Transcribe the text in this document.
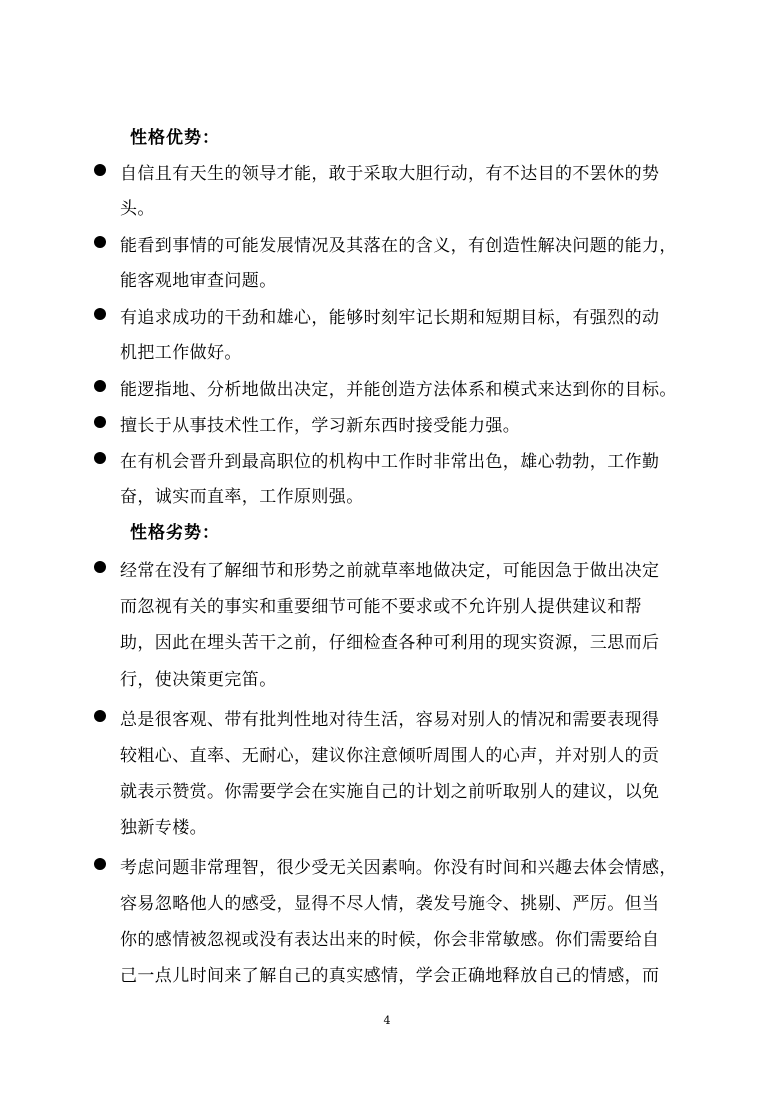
性格优势：
自信且有天生的领导才能，敢于采取大胆行动，有不达目的不罢休的势
头。
能看到事情的可能发展情况及其落在的含义，有创造性解决问题的能力，
能客观地审查问题。
有追求成功的干劲和雄心，能够时刻牢记长期和短期目标，有强烈的动
机把工作做好。
能逻指地、分析地做出决定，并能创造方法体系和模式来达到你的目标。
擅长于从事技术性工作，学习新东西时接受能力强。
在有机会晋升到最高职位的机构中工作时非常出色，雄心勃勃，工作勤
奋，诚实而直率，工作原则强。
性格劣势：
经常在没有了解细节和形势之前就草率地做决定，可能因急于做出决定
而忽视有关的事实和重要细节可能不要求或不允许别人提供建议和帮
助，因此在埋头苦干之前，仔细检查各种可利用的现实资源，三思而后
行，使决策更完笛。
总是很客观、带有批判性地对待生活，容易对别人的情况和需要表现得
较粗心、直率、无耐心，建议你注意倾听周围人的心声，并对别人的贡
就表示赞赏。你需要学会在实施自己的计划之前听取别人的建议，以免
独新专楼。
考虑问题非常理智，很少受无关因素响。你没有时间和兴趣去体会情感，
容易忽略他人的感受，显得不尽人情，袭发号施令、挑剔、严厉。但当
你的感情被忽视或没有表达出来的时候，你会非常敏感。你们需要给自
己一点儿时间来了解自己的真实感情，学会正确地释放自己的情感，而
4
